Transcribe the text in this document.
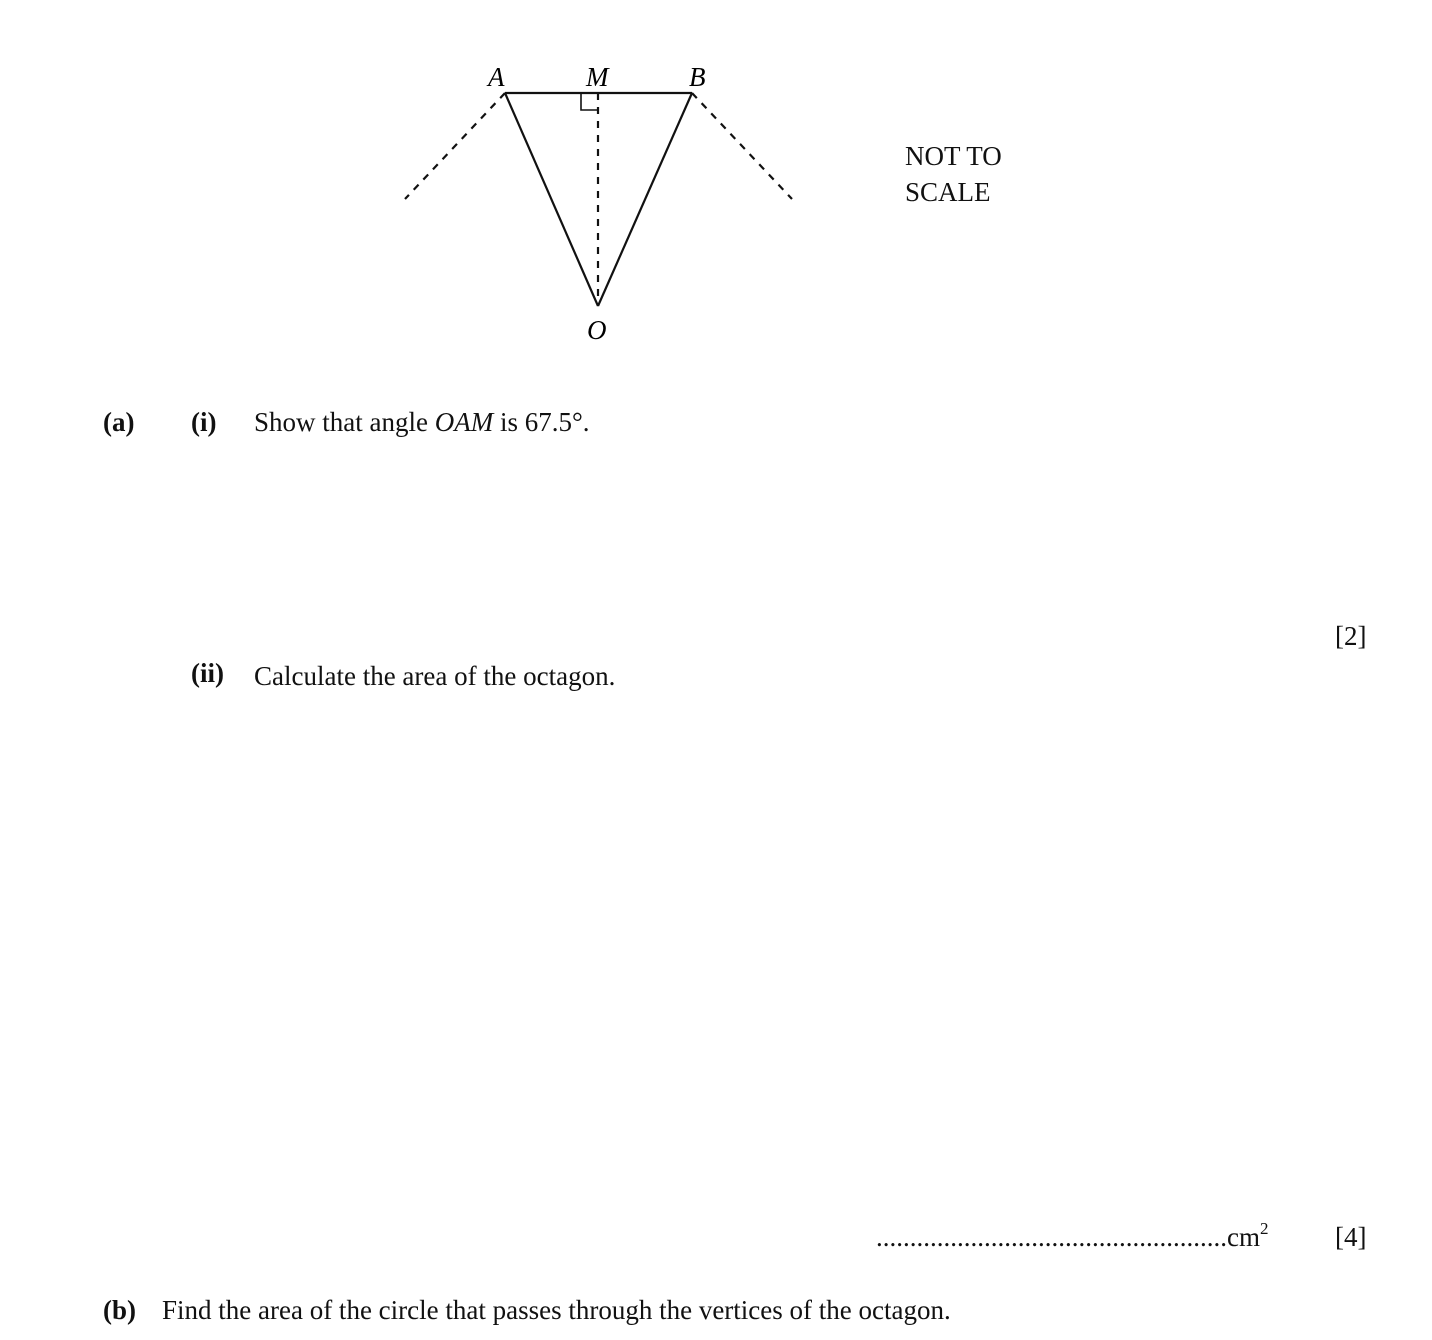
A	M	B
O
NOT TO
SCALE
(a) (i) Show that angle OAM is 67.5°.
[2]
(ii) Calculate the area of the octagon.
$....................................................cm^2$ [4]
(b) Find the area of the circle that passes through the vertices of the octagon.
